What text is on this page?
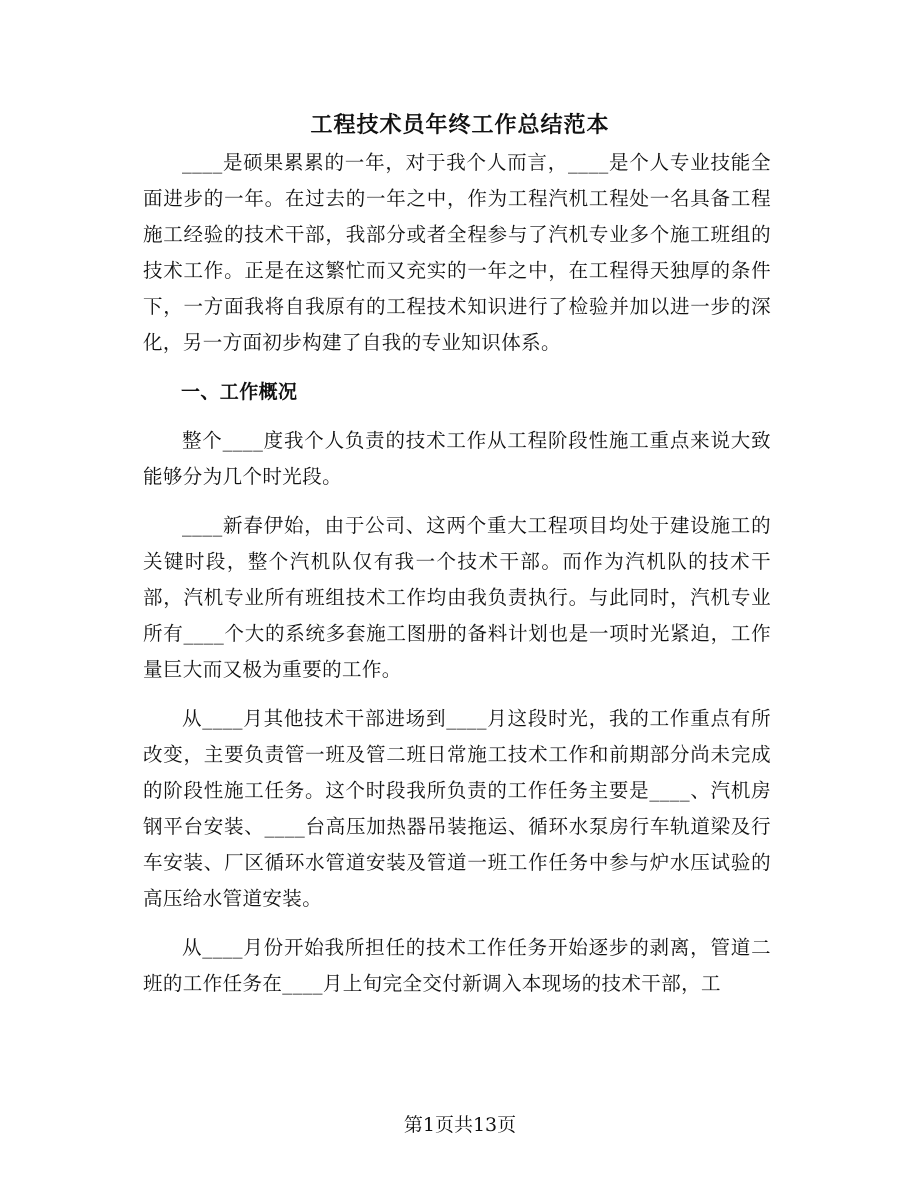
工程技术员年终工作总结范本

____是硕果累累的一年，对于我个人而言，____是个人专业技能全面进步的一年。在过去的一年之中，作为工程汽机工程处一名具备工程施工经验的技术干部，我部分或者全程参与了汽机专业多个施工班组的技术工作。正是在这繁忙而又充实的一年之中，在工程得天独厚的条件下，一方面我将自我原有的工程技术知识进行了检验并加以进一步的深化，另一方面初步构建了自我的专业知识体系。

一、工作概况

整个____度我个人负责的技术工作从工程阶段性施工重点来说大致能够分为几个时光段。

____新春伊始，由于公司、这两个重大工程项目均处于建设施工的关键时段，整个汽机队仅有我一个技术干部。而作为汽机队的技术干部，汽机专业所有班组技术工作均由我负责执行。与此同时，汽机专业所有____个大的系统多套施工图册的备料计划也是一项时光紧迫，工作量巨大而又极为重要的工作。

从____月其他技术干部进场到____月这段时光，我的工作重点有所改变，主要负责管一班及管二班日常施工技术工作和前期部分尚未完成的阶段性施工任务。这个时段我所负责的工作任务主要是____、汽机房钢平台安装、____台高压加热器吊装拖运、循环水泵房行车轨道梁及行车安装、厂区循环水管道安装及管道一班工作任务中参与炉水压试验的高压给水管道安装。

从____月份开始我所担任的技术工作任务开始逐步的剥离，管道二班的工作任务在____月上旬完全交付新调入本现场的技术干部，工

第1页共13页
